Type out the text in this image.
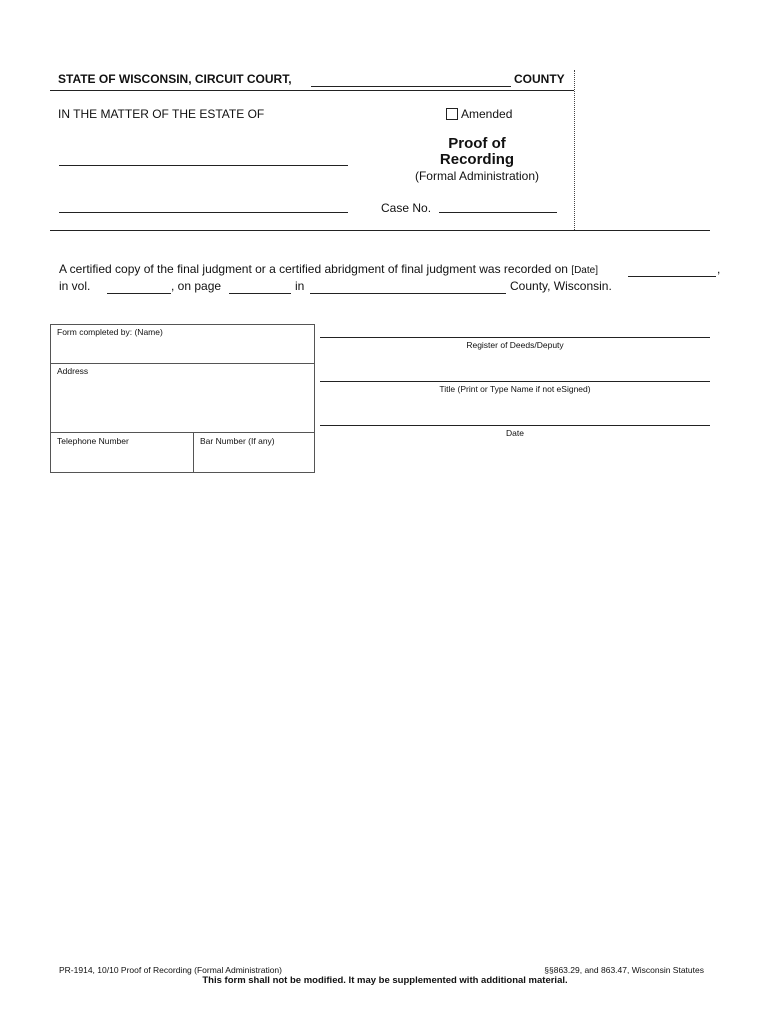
STATE OF WISCONSIN, CIRCUIT COURT,	COUNTY
IN THE MATTER OF THE ESTATE OF	Amended
Proof of
Recording
(Formal Administration)
Case No.
A certified copy of the final judgment or a certified abridgment of final judgment was recorded on [Date]	,
in vol.	, on page	in	County, Wisconsin.
Form completed by: (Name)
Address
Telephone Number	Bar Number (If any)
Register of Deeds/Deputy
Title (Print or Type Name if not eSigned)
Date
PR-1914, 10/10 Proof of Recording (Formal Administration)	§§863.29, and 863.47, Wisconsin Statutes
This form shall not be modified. It may be supplemented with additional material.
